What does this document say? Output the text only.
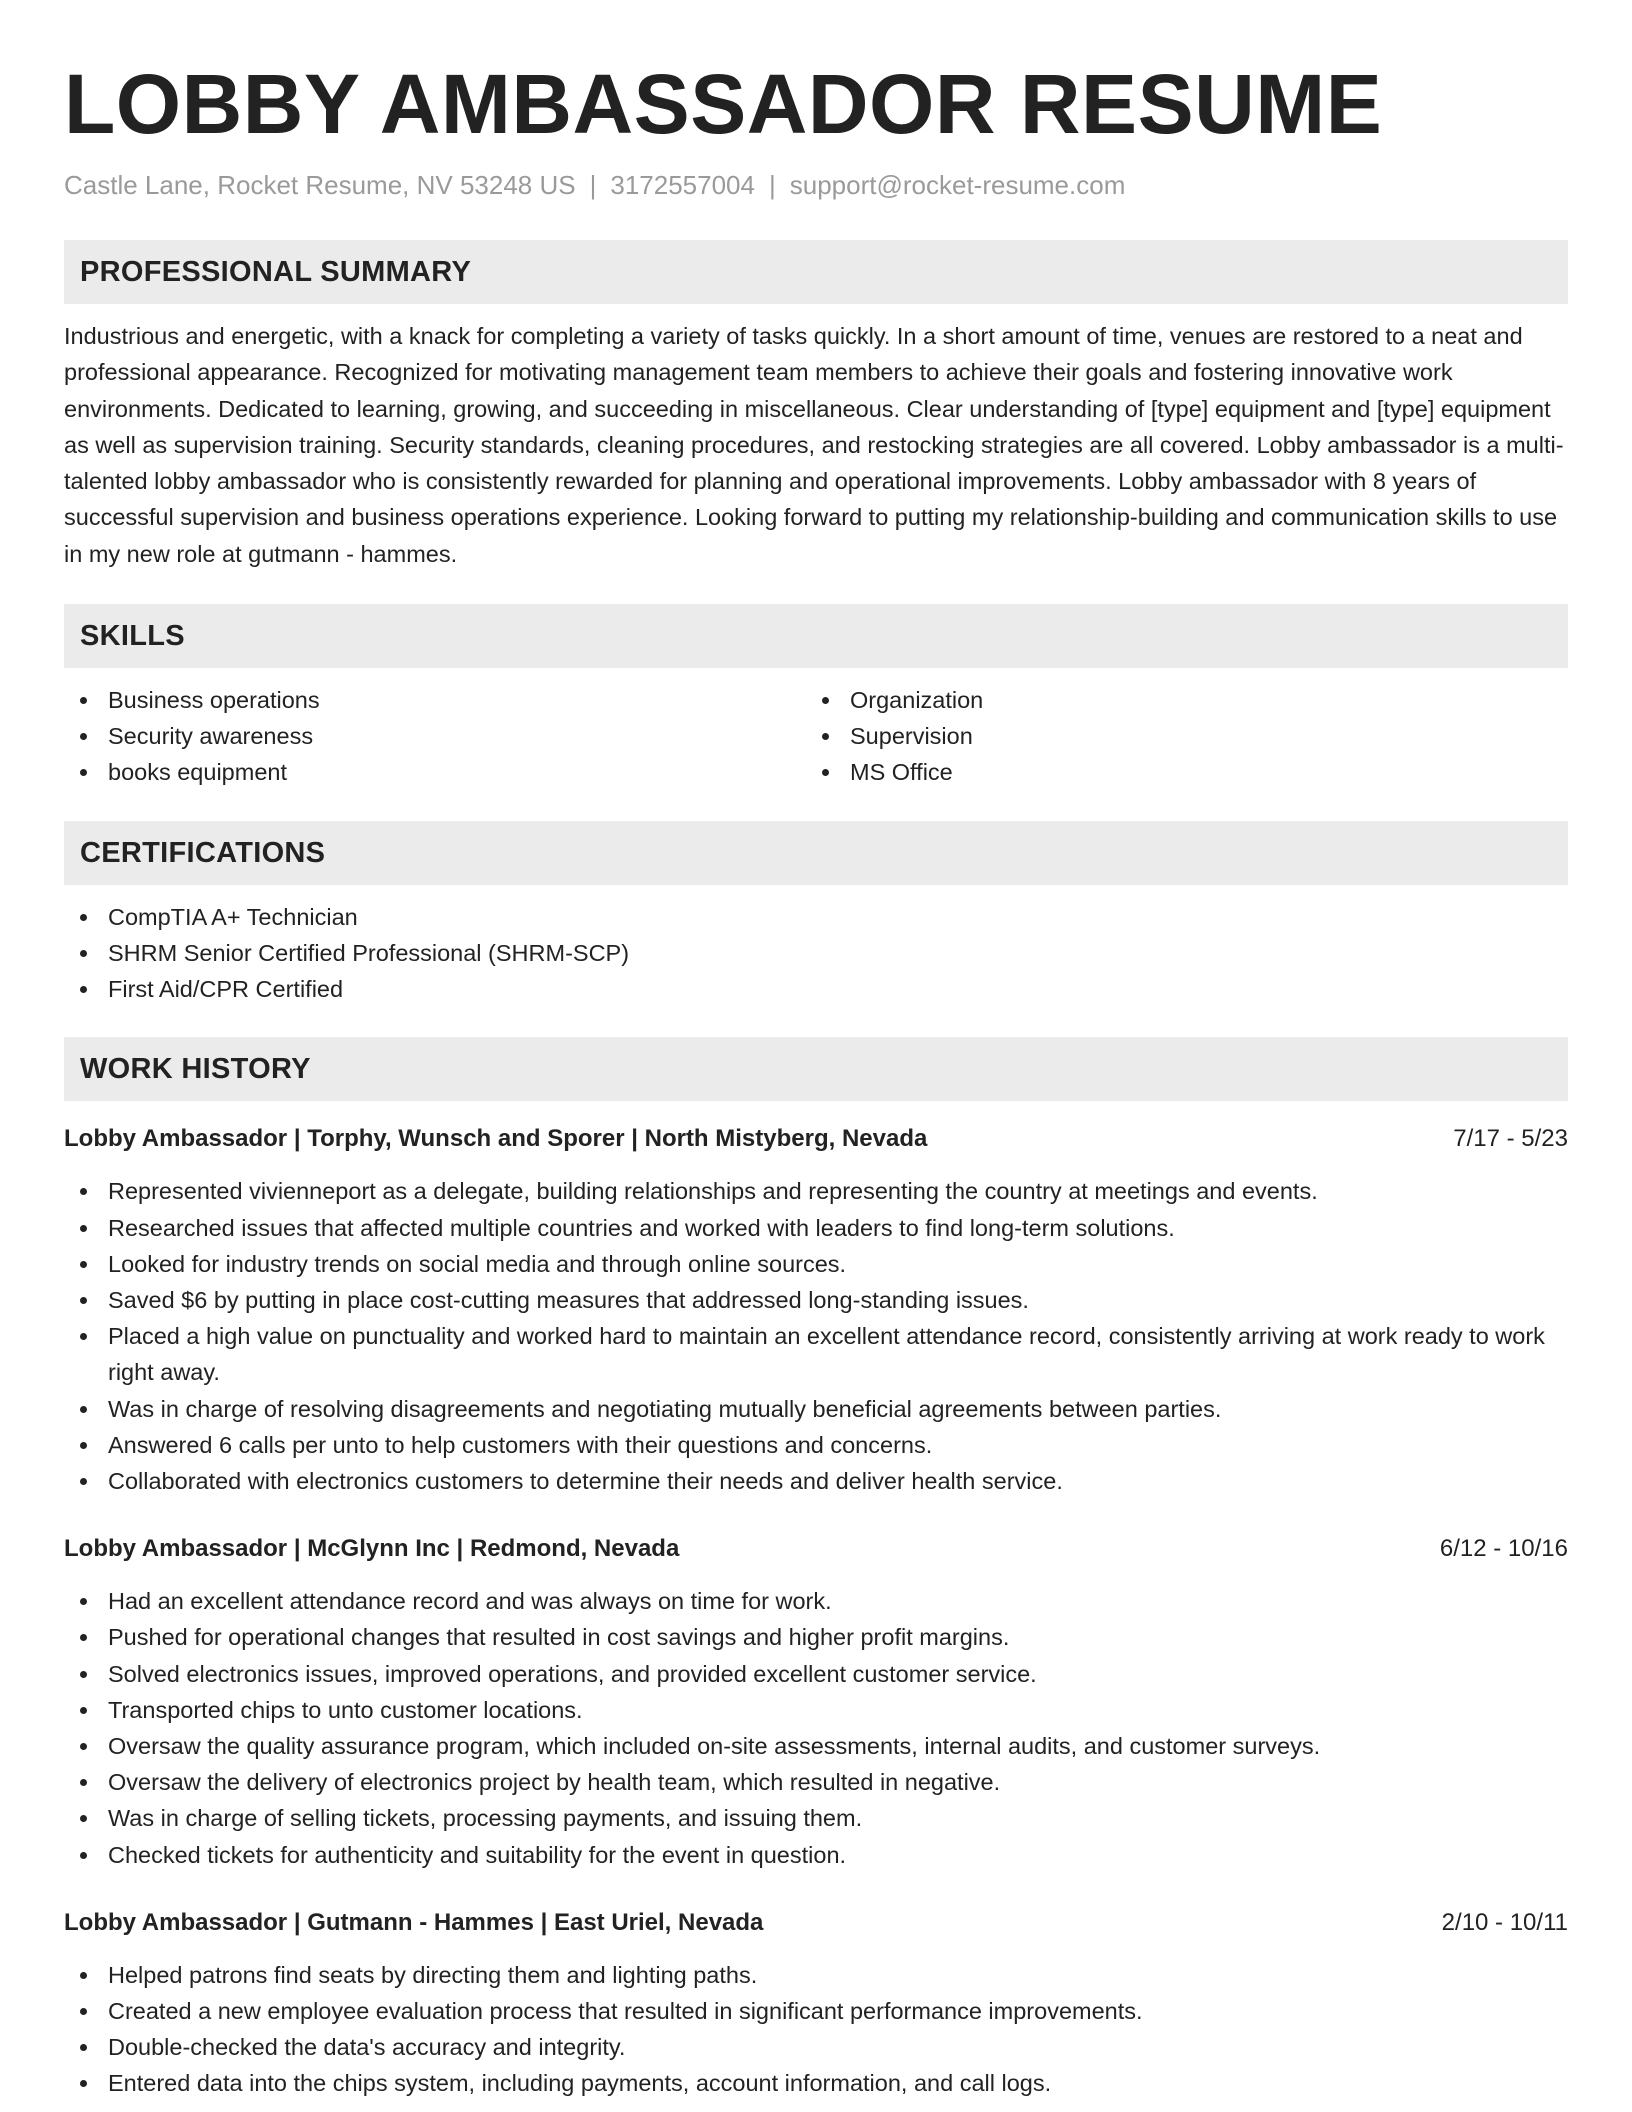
LOBBY AMBASSADOR RESUME
Castle Lane, Rocket Resume, NV 53248 US | 3172557004 | support@rocket-resume.com
PROFESSIONAL SUMMARY

Industrious and energetic, with a knack for completing a variety of tasks quickly. In a short amount of time, venues are restored to a neat and professional appearance. Recognized for motivating management team members to achieve their goals and fostering innovative work environments. Dedicated to learning, growing, and succeeding in miscellaneous. Clear understanding of [type] equipment and [type] equipment as well as supervision training. Security standards, cleaning procedures, and restocking strategies are all covered. Lobby ambassador is a multi-talented lobby ambassador who is consistently rewarded for planning and operational improvements. Lobby ambassador with 8 years of successful supervision and business operations experience. Looking forward to putting my relationship-building and communication skills to use in my new role at gutmann - hammes.

SKILLS
Business operations
Security awareness
books equipment
Organization
Supervision
MS Office
CERTIFICATIONS
CompTIA A+ Technician
SHRM Senior Certified Professional (SHRM-SCP)
First Aid/CPR Certified
WORK HISTORY
Lobby Ambassador | Torphy, Wunsch and Sporer | North Mistyberg, Nevada	7/17 - 5/23
Represented vivienneport as a delegate, building relationships and representing the country at meetings and events.
Researched issues that affected multiple countries and worked with leaders to find long-term solutions.
Looked for industry trends on social media and through online sources.
Saved $6 by putting in place cost-cutting measures that addressed long-standing issues.
Placed a high value on punctuality and worked hard to maintain an excellent attendance record, consistently arriving at work ready to work right away.
Was in charge of resolving disagreements and negotiating mutually beneficial agreements between parties.
Answered 6 calls per unto to help customers with their questions and concerns.
Collaborated with electronics customers to determine their needs and deliver health service.
Lobby Ambassador | McGlynn Inc | Redmond, Nevada	6/12 - 10/16
Had an excellent attendance record and was always on time for work.
Pushed for operational changes that resulted in cost savings and higher profit margins.
Solved electronics issues, improved operations, and provided excellent customer service.
Transported chips to unto customer locations.
Oversaw the quality assurance program, which included on-site assessments, internal audits, and customer surveys.
Oversaw the delivery of electronics project by health team, which resulted in negative.
Was in charge of selling tickets, processing payments, and issuing them.
Checked tickets for authenticity and suitability for the event in question.
Lobby Ambassador | Gutmann - Hammes | East Uriel, Nevada	2/10 - 10/11
Helped patrons find seats by directing them and lighting paths.
Created a new employee evaluation process that resulted in significant performance improvements.
Double-checked the data's accuracy and integrity.
Entered data into the chips system, including payments, account information, and call logs.
